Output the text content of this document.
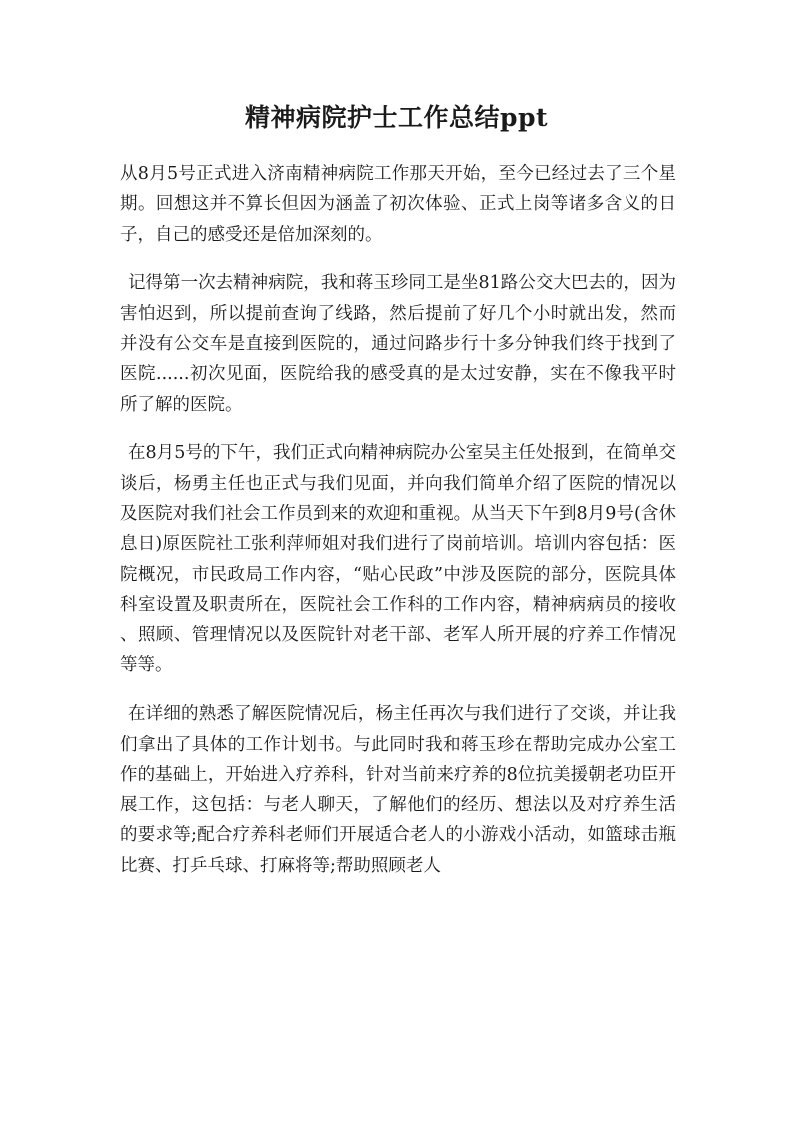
精神病院护士工作总结ppt

从8月5号正式进入济南精神病院工作那天开始，至今已经过去了三个星期。回想这并不算长但因为涵盖了初次体验、正式上岗等诸多含义的日子，自己的感受还是倍加深刻的。

记得第一次去精神病院，我和蒋玉珍同工是坐81路公交大巴去的，因为害怕迟到，所以提前查询了线路，然后提前了好几个小时就出发，然而并没有公交车是直接到医院的，通过问路步行十多分钟我们终于找到了医院......初次见面，医院给我的感受真的是太过安静，实在不像我平时所了解的医院。

在8月5号的下午，我们正式向精神病院办公室吴主任处报到，在简单交谈后，杨勇主任也正式与我们见面，并向我们简单介绍了医院的情况以及医院对我们社会工作员到来的欢迎和重视。从当天下午到8月9号(含休息日)原医院社工张利萍师姐对我们进行了岗前培训。培训内容包括：医院概况，市民政局工作内容，“贴心民政”中涉及医院的部分，医院具体科室设置及职责所在，医院社会工作科的工作内容，精神病病员的接收、照顾、管理情况以及医院针对老干部、老军人所开展的疗养工作情况等等。

在详细的熟悉了解医院情况后，杨主任再次与我们进行了交谈，并让我们拿出了具体的工作计划书。与此同时我和蒋玉珍在帮助完成办公室工作的基础上，开始进入疗养科，针对当前来疗养的8位抗美援朝老功臣开展工作，这包括：与老人聊天，了解他们的经历、想法以及对疗养生活的要求等;配合疗养科老师们开展适合老人的小游戏小活动，如篮球击瓶比赛、打乒乓球、打麻将等;帮助照顾老人
